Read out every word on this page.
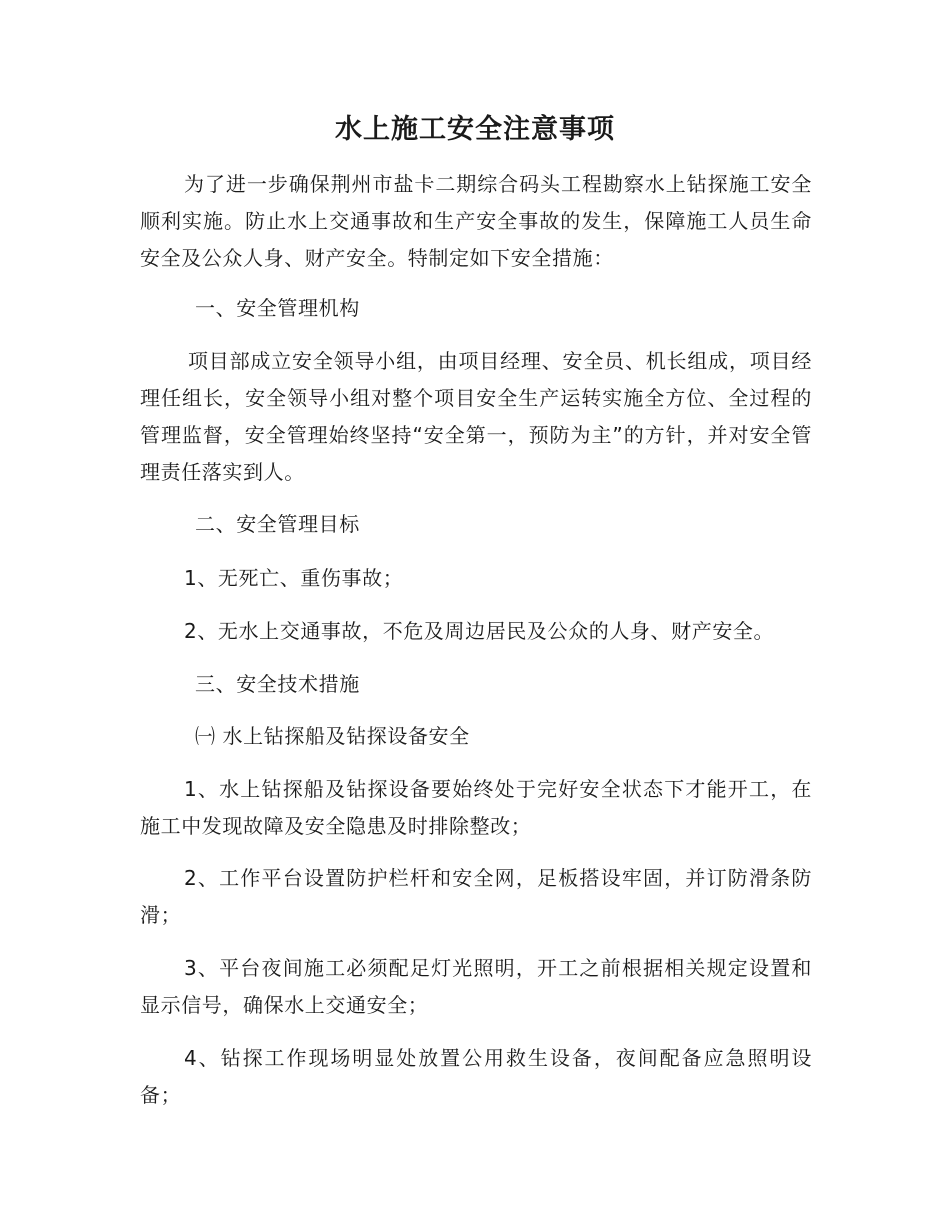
水上施工安全注意事项

为了进一步确保荆州市盐卡二期综合码头工程勘察水上钻探施工安全顺利实施。防止水上交通事故和生产安全事故的发生，保障施工人员生命安全及公众人身、财产安全。特制定如下安全措施：

一、安全管理机构

项目部成立安全领导小组，由项目经理、安全员、机长组成，项目经理任组长，安全领导小组对整个项目安全生产运转实施全方位、全过程的管理监督，安全管理始终坚持“安全第一，预防为主”的方针，并对安全管理责任落实到人。

二、安全管理目标

1、无死亡、重伤事故；

2、无水上交通事故，不危及周边居民及公众的人身、财产安全。

三、安全技术措施

㈠ 水上钻探船及钻探设备安全

1、水上钻探船及钻探设备要始终处于完好安全状态下才能开工，在施工中发现故障及安全隐患及时排除整改；

2、工作平台设置防护栏杆和安全网，足板搭设牢固，并订防滑条防滑；

3、平台夜间施工必须配足灯光照明，开工之前根据相关规定设置和显示信号，确保水上交通安全；

4、钻探工作现场明显处放置公用救生设备，夜间配备应急照明设备；
